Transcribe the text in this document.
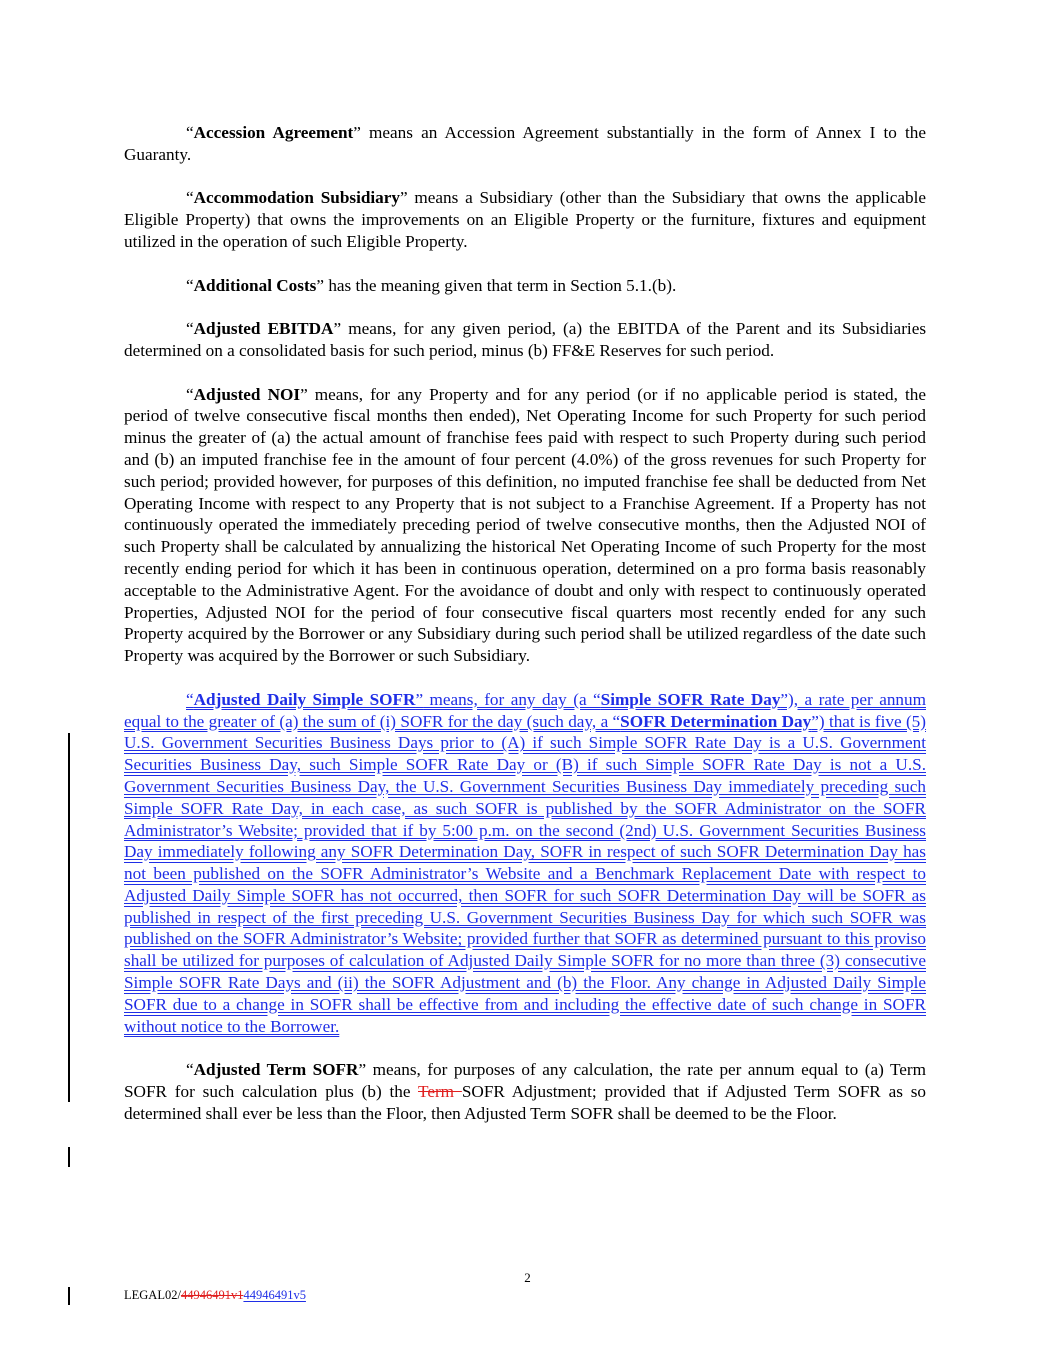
“Accession Agreement” means an Accession Agreement substantially in the form of Annex I to the Guaranty.

“Accommodation Subsidiary” means a Subsidiary (other than the Subsidiary that owns the applicable Eligible Property) that owns the improvements on an Eligible Property or the furniture, fixtures and equipment utilized in the operation of such Eligible Property.

“Additional Costs” has the meaning given that term in Section 5.1.(b).

“Adjusted EBITDA” means, for any given period, (a) the EBITDA of the Parent and its Subsidiaries determined on a consolidated basis for such period, minus (b) FF&E Reserves for such period.

“Adjusted NOI” means, for any Property and for any period (or if no applicable period is stated, the period of twelve consecutive fiscal months then ended), Net Operating Income for such Property for such period minus the greater of (a) the actual amount of franchise fees paid with respect to such Property during such period and (b) an imputed franchise fee in the amount of four percent (4.0%) of the gross revenues for such Property for such period; provided however, for purposes of this definition, no imputed franchise fee shall be deducted from Net Operating Income with respect to any Property that is not subject to a Franchise Agreement. If a Property has not continuously operated the immediately preceding period of twelve consecutive months, then the Adjusted NOI of such Property shall be calculated by annualizing the historical Net Operating Income of such Property for the most recently ending period for which it has been in continuous operation, determined on a pro forma basis reasonably acceptable to the Administrative Agent. For the avoidance of doubt and only with respect to continuously operated Properties, Adjusted NOI for the period of four consecutive fiscal quarters most recently ended for any such Property acquired by the Borrower or any Subsidiary during such period shall be utilized regardless of the date such Property was acquired by the Borrower or such Subsidiary.

“Adjusted Daily Simple SOFR” means, for any day (a “Simple SOFR Rate Day”), a rate per annum equal to the greater of (a) the sum of (i) SOFR for the day (such day, a “SOFR Determination Day”) that is five (5) U.S. Government Securities Business Days prior to (A) if such Simple SOFR Rate Day is a U.S. Government Securities Business Day, such Simple SOFR Rate Day or (B) if such Simple SOFR Rate Day is not a U.S. Government Securities Business Day, the U.S. Government Securities Business Day immediately preceding such Simple SOFR Rate Day, in each case, as such SOFR is published by the SOFR Administrator on the SOFR Administrator’s Website; provided that if by 5:00 p.m. on the second (2nd) U.S. Government Securities Business Day immediately following any SOFR Determination Day, SOFR in respect of such SOFR Determination Day has not been published on the SOFR Administrator’s Website and a Benchmark Replacement Date with respect to Adjusted Daily Simple SOFR has not occurred, then SOFR for such SOFR Determination Day will be SOFR as published in respect of the first preceding U.S. Government Securities Business Day for which such SOFR was published on the SOFR Administrator’s Website; provided further that SOFR as determined pursuant to this proviso shall be utilized for purposes of calculation of Adjusted Daily Simple SOFR for no more than three (3) consecutive Simple SOFR Rate Days and (ii) the SOFR Adjustment and (b) the Floor. Any change in Adjusted Daily Simple SOFR due to a change in SOFR shall be effective from and including the effective date of such change in SOFR without notice to the Borrower.

“Adjusted Term SOFR” means, for purposes of any calculation, the rate per annum equal to (a) Term SOFR for such calculation plus (b) the Term SOFR Adjustment; provided that if Adjusted Term SOFR as so determined shall ever be less than the Floor, then Adjusted Term SOFR shall be deemed to be the Floor.

2
LEGAL02/44946491v144946491v5
